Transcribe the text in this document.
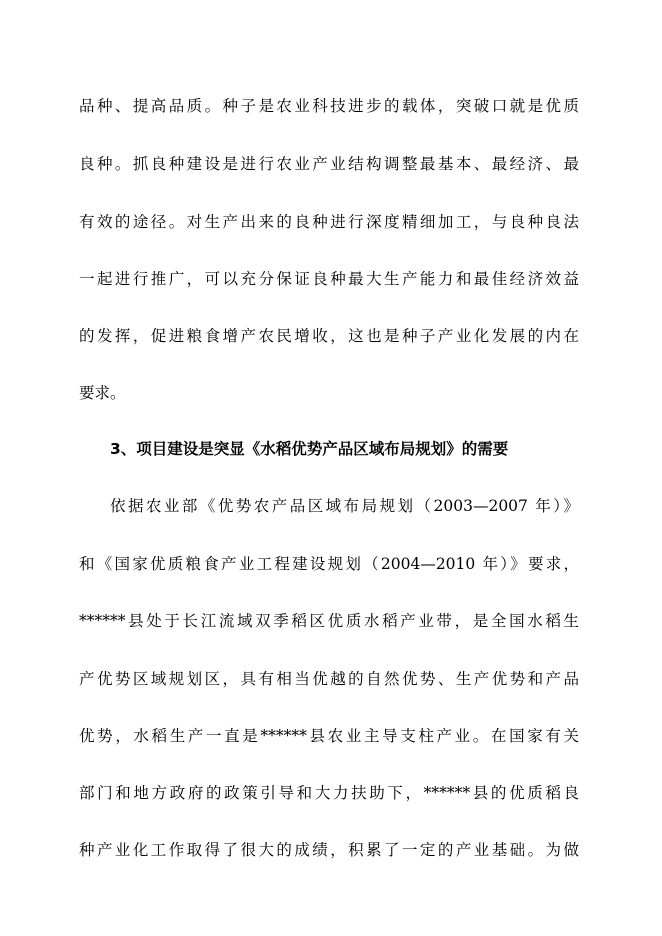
品种、提高品质。种子是农业科技进步的载体，突破口就是优质
良种。抓良种建设是进行农业产业结构调整最基本、最经济、最
有效的途径。对生产出来的良种进行深度精细加工，与良种良法
一起进行推广，可以充分保证良种最大生产能力和最佳经济效益
的发挥，促进粮食增产农民增收，这也是种子产业化发展的内在
要求。
3、项目建设是突显《水稻优势产品区域布局规划》的需要
依据农业部《优势农产品区域布局规划（2003—2007 年）》
和《国家优质粮食产业工程建设规划（2004—2010 年）》要求，
******县处于长江流域双季稻区优质水稻产业带，是全国水稻生
产优势区域规划区，具有相当优越的自然优势、生产优势和产品
优势，水稻生产一直是******县农业主导支柱产业。在国家有关
部门和地方政府的政策引导和大力扶助下，******县的优质稻良
种产业化工作取得了很大的成绩，积累了一定的产业基础。为做
